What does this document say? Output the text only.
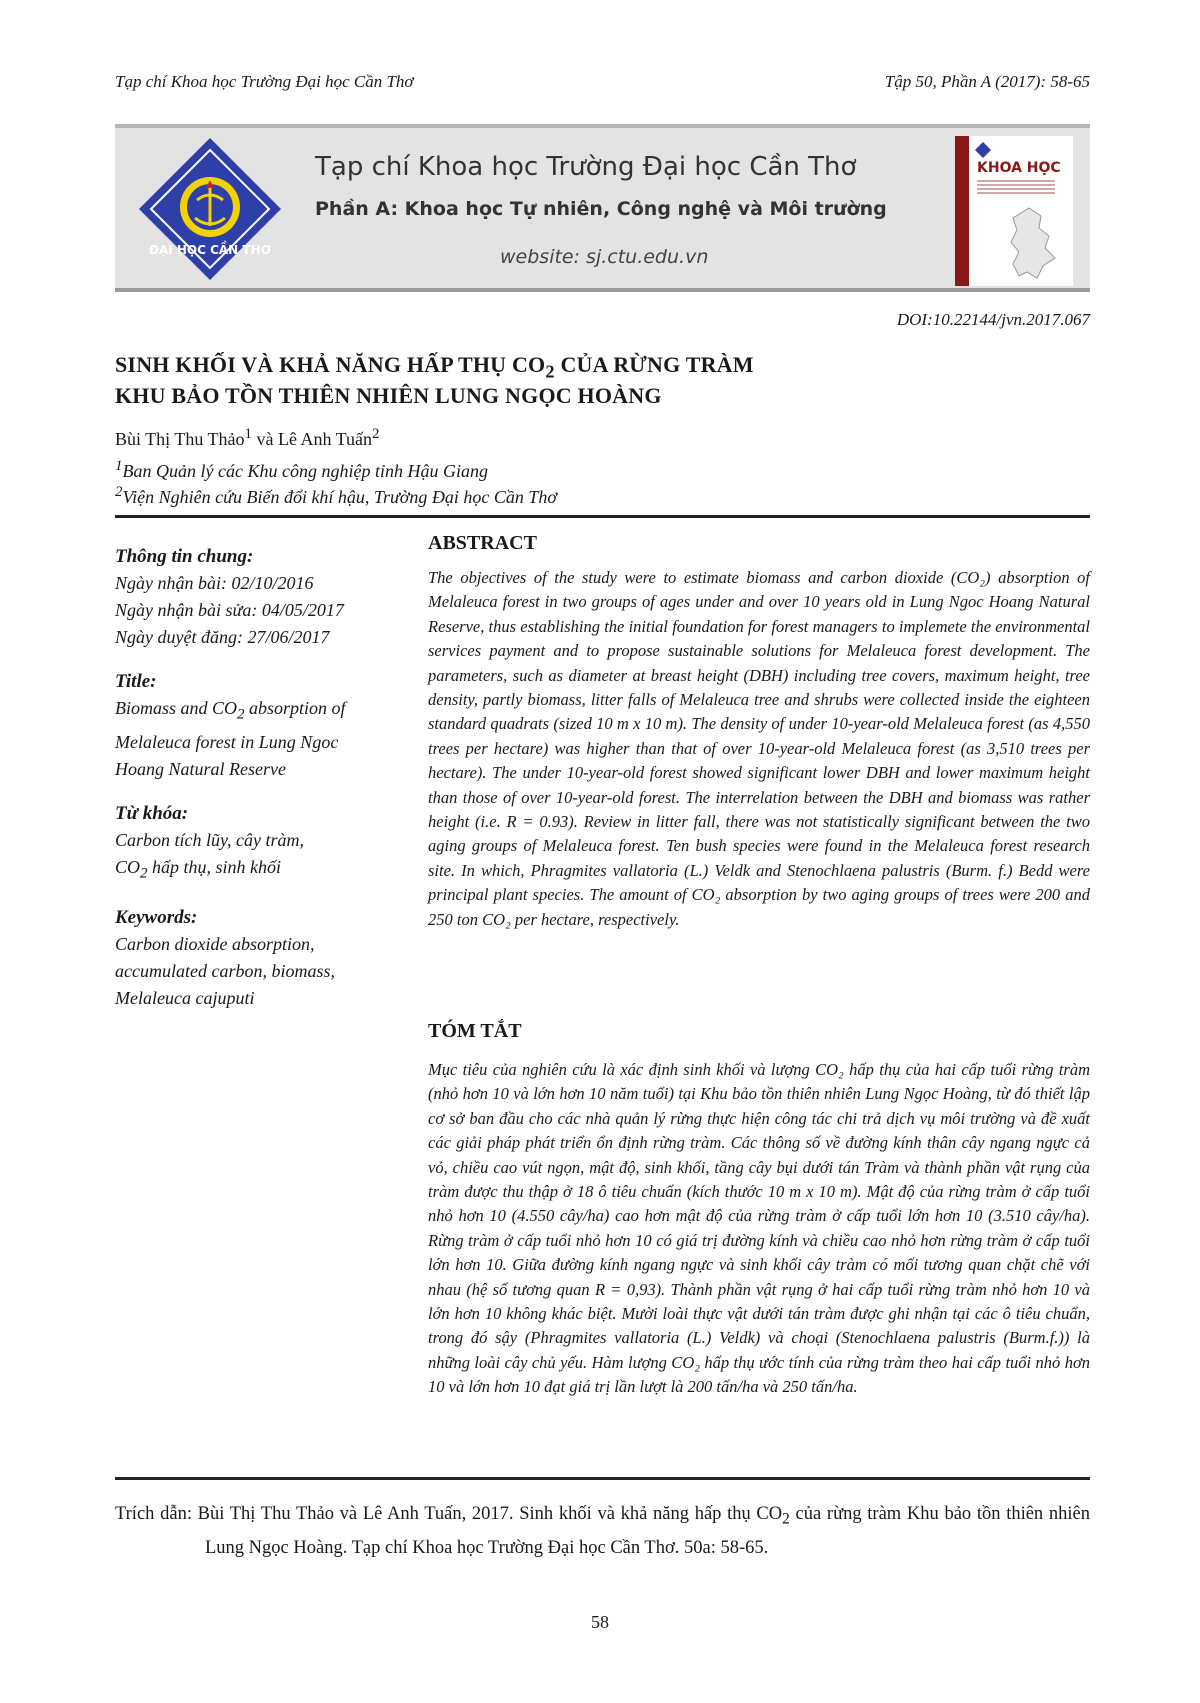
Tạp chí Khoa học Trường Đại học Cần Thơ	Tập 50, Phần A (2017): 58-65
ĐẠI HỌC CẦN THƠ
Tạp chí Khoa học Trường Đại học Cần Thơ
Phần A: Khoa học Tự nhiên, Công nghệ và Môi trường
website: sj.ctu.edu.vn
KHOA HỌC
DOI:10.22144/jvn.2017.067
SINH KHỐI VÀ KHẢ NĂNG HẤP THỤ $CO_2$ CỦA RỪNG TRÀM
KHU BẢO TỒN THIÊN NHIÊN LUNG NGỌC HOÀNG
Bùi Thị Thu Thảo$^1$ và Lê Anh Tuấn$^2$
$^1$Ban Quản lý các Khu công nghiệp tỉnh Hậu Giang
$^2$Viện Nghiên cứu Biến đổi khí hậu, Trường Đại học Cần Thơ
Thông tin chung:
Ngày nhận bài: 02/10/2016
Ngày nhận bài sửa: 04/05/2017
Ngày duyệt đăng: 27/06/2017
Title:
Biomass and $CO_2$ absorption of Melaleuca forest in Lung Ngoc Hoang Natural Reserve
Từ khóa:
Carbon tích lũy, cây tràm,
$CO_2$ hấp thụ, sinh khối
Keywords:
Carbon dioxide absorption, accumulated carbon, biomass, Melaleuca cajuputi
ABSTRACT
The objectives of the study were to estimate biomass and carbon dioxide (CO₂) absorption of Melaleuca forest in two groups of ages under and over 10 years old in Lung Ngoc Hoang Natural Reserve, thus establishing the initial foundation for forest managers to implemete the environmental services payment and to propose sustainable solutions for Melaleuca forest development. The parameters, such as diameter at breast height (DBH) including tree covers, maximum height, tree density, partly biomass, litter falls of Melaleuca tree and shrubs were collected inside the eighteen standard quadrats (sized 10 m x 10 m). The density of under 10-year-old Melaleuca forest (as 4,550 trees per hectare) was higher than that of over 10-year-old Melaleuca forest (as 3,510 trees per hectare). The under 10-year-old forest showed significant lower DBH and lower maximum height than those of over 10-year-old forest. The interrelation between the DBH and biomass was rather height (i.e. R = 0.93). Review in litter fall, there was not statistically significant between the two aging groups of Melaleuca forest. Ten bush species were found in the Melaleuca forest research site. In which, Phragmites vallatoria (L.) Veldk and Stenochlaena palustris (Burm. f.) Bedd were principal plant species. The amount of CO₂ absorption by two aging groups of trees were 200 and 250 ton CO₂ per hectare, respectively.
TÓM TẮT
Mục tiêu của nghiên cứu là xác định sinh khối và lượng CO₂ hấp thụ của hai cấp tuổi rừng tràm (nhỏ hơn 10 và lớn hơn 10 năm tuổi) tại Khu bảo tồn thiên nhiên Lung Ngọc Hoàng, từ đó thiết lập cơ sở ban đầu cho các nhà quản lý rừng thực hiện công tác chi trả dịch vụ môi trường và đề xuất các giải pháp phát triển ổn định rừng tràm. Các thông số về đường kính thân cây ngang ngực cả vỏ, chiều cao vút ngọn, mật độ, sinh khối, tầng cây bụi dưới tán Tràm và thành phần vật rụng của tràm được thu thập ở 18 ô tiêu chuẩn (kích thước 10 m x 10 m). Mật độ của rừng tràm ở cấp tuổi nhỏ hơn 10 (4.550 cây/ha) cao hơn mật độ của rừng tràm ở cấp tuổi lớn hơn 10 (3.510 cây/ha). Rừng tràm ở cấp tuổi nhỏ hơn 10 có giá trị đường kính và chiều cao nhỏ hơn rừng tràm ở cấp tuổi lớn hơn 10. Giữa đường kính ngang ngực và sinh khối cây tràm có mối tương quan chặt chẽ với nhau (hệ số tương quan R = 0,93). Thành phần vật rụng ở hai cấp tuổi rừng tràm nhỏ hơn 10 và lớn hơn 10 không khác biệt. Mười loài thực vật dưới tán tràm được ghi nhận tại các ô tiêu chuẩn, trong đó sậy (Phragmites vallatoria (L.) Veldk) và choại (Stenochlaena palustris (Burm.f.)) là những loài cây chủ yếu. Hàm lượng CO₂ hấp thụ ước tính của rừng tràm theo hai cấp tuổi nhỏ hơn 10 và lớn hơn 10 đạt giá trị lần lượt là 200 tấn/ha và 250 tấn/ha.
Trích dẫn: Bùi Thị Thu Thảo và Lê Anh Tuấn, 2017. Sinh khối và khả năng hấp thụ $CO_2$ của rừng tràm Khu bảo tồn thiên nhiên Lung Ngọc Hoàng. Tạp chí Khoa học Trường Đại học Cần Thơ. 50a: 58-65.
58
